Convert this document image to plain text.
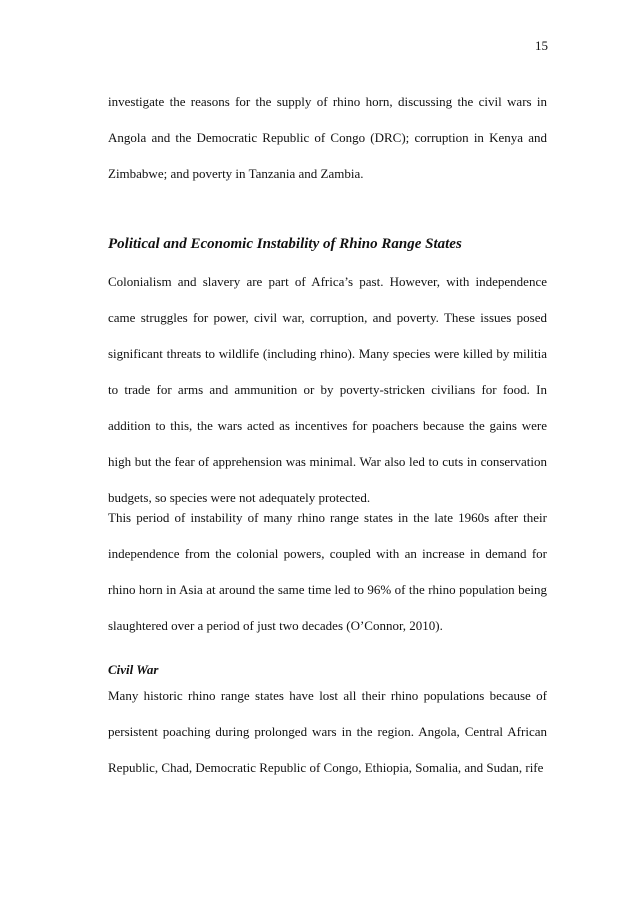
15

investigate the reasons for the supply of rhino horn, discussing the civil wars in Angola and the Democratic Republic of Congo (DRC); corruption in Kenya and Zimbabwe; and poverty in Tanzania and Zambia.

Political and Economic Instability of Rhino Range States

Colonialism and slavery are part of Africa’s past. However, with independence came struggles for power, civil war, corruption, and poverty. These issues posed significant threats to wildlife (including rhino). Many species were killed by militia to trade for arms and ammunition or by poverty-stricken civilians for food. In addition to this, the wars acted as incentives for poachers because the gains were high but the fear of apprehension was minimal. War also led to cuts in conservation budgets, so species were not adequately protected.

This period of instability of many rhino range states in the late 1960s after their independence from the colonial powers, coupled with an increase in demand for rhino horn in Asia at around the same time led to 96% of the rhino population being slaughtered over a period of just two decades (O’Connor, 2010).

Civil War

Many historic rhino range states have lost all their rhino populations because of persistent poaching during prolonged wars in the region. Angola, Central African Republic, Chad, Democratic Republic of Congo, Ethiopia, Somalia, and Sudan, rife
